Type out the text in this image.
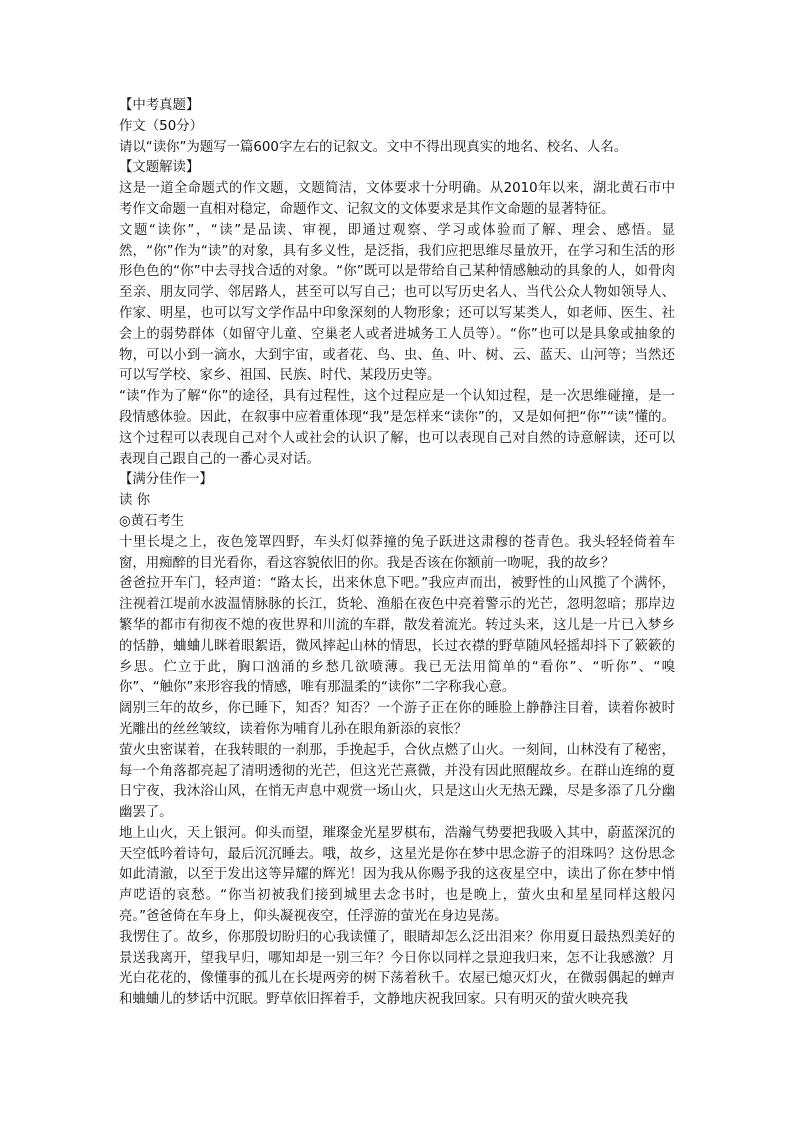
【中考真题】

作文（50分）

请以“读你”为题写一篇600字左右的记叙文。文中不得出现真实的地名、校名、人名。

【文题解读】

这是一道全命题式的作文题，文题简洁，文体要求十分明确。从2010年以来，湖北黄石市中考作文命题一直相对稳定，命题作文、记叙文的文体要求是其作文命题的显著特征。

文题“读你”，“读”是品读、审视，即通过观察、学习或体验而了解、理会、感悟。显然，“你”作为“读”的对象，具有多义性，是泛指，我们应把思维尽量放开，在学习和生活的形形色色的“你”中去寻找合适的对象。“你”既可以是带给自己某种情感触动的具象的人，如骨肉至亲、朋友同学、邻居路人，甚至可以写自己；也可以写历史名人、当代公众人物如领导人、作家、明星，也可以写文学作品中印象深刻的人物形象；还可以写某类人，如老师、医生、社会上的弱势群体（如留守儿童、空巢老人或者进城务工人员等）。“你”也可以是具象或抽象的物，可以小到一滴水，大到宇宙，或者花、鸟、虫、鱼、叶、树、云、蓝天、山河等；当然还可以写学校、家乡、祖国、民族、时代、某段历史等。

“读”作为了解“你”的途径，具有过程性，这个过程应是一个认知过程，是一次思维碰撞，是一段情感体验。因此，在叙事中应着重体现“我”是怎样来“读你”的，又是如何把“你”“读”懂的。这个过程可以表现自己对个人或社会的认识了解，也可以表现自己对自然的诗意解读，还可以表现自己跟自己的一番心灵对话。

【满分佳作一】

读 你

◎黄石考生

十里长堤之上，夜色笼罩四野，车头灯似莽撞的兔子跃进这肃穆的苍青色。我头轻轻倚着车窗，用痴醉的目光看你，看这容貌依旧的你。我是否该在你额前一吻呢，我的故乡？

爸爸拉开车门，轻声道：“路太长，出来休息下吧。”我应声而出，被野性的山风揽了个满怀，注视着江堤前水波温情脉脉的长江，货轮、渔船在夜色中亮着警示的光芒，忽明忽暗；那岸边繁华的都市有彻夜不熄的夜世界和川流的车群，散发着流光。转过头来，这儿是一片已入梦乡的恬静，蛐蛐儿眯着眼絮语，微风摔起山林的情思，长过衣襟的野草随风轻摇却抖下了簌簌的乡思。伫立于此，胸口汹涌的乡愁几欲喷薄。我已无法用简单的“看你”、“听你”、“嗅你”、“触你”来形容我的情感，唯有那温柔的“读你”二字称我心意。

阔别三年的故乡，你已睡下，知否？知否？一个游子正在你的睡脸上静静注目着，读着你被时光雕出的丝丝皱纹，读着你为哺育儿孙在眼角新添的哀怅？

萤火虫密谋着，在我转眼的一刹那，手挽起手，合伙点燃了山火。一刻间，山林没有了秘密，每一个角落都亮起了清明透彻的光芒，但这光芒熹微，并没有因此照醒故乡。在群山连绵的夏日宁夜，我沐浴山风，在悄无声息中观赏一场山火，只是这山火无热无躁，尽是多添了几分幽幽罢了。

地上山火，天上银河。仰头而望，璀璨金光星罗棋布，浩瀚气势要把我吸入其中，蔚蓝深沉的天空低吟着诗句，最后沉沉睡去。哦，故乡，这星光是你在梦中思念游子的泪珠吗？这份思念如此清澈，以至于发出这等异耀的辉光！因为我从你赐予我的这夜星空中，读出了你在梦中悄声呓语的哀愁。“你当初被我们接到城里去念书时，也是晚上，萤火虫和星星同样这般闪亮。”爸爸倚在车身上，仰头凝视夜空，任浮游的萤光在身边晃荡。

我愣住了。故乡，你那殷切盼归的心我读懂了，眼睛却怎么泛出泪来？你用夏日最热烈美好的景送我离开，望我早归，哪知却是一别三年？今日你以同样之景迎我归来，怎不让我感激？月光白花花的，像懂事的孤儿在长堤两旁的树下荡着秋千。农屋已熄灭灯火，在微弱偶起的蝉声和蛐蛐儿的梦话中沉眠。野草依旧挥着手，文静地庆祝我回家。只有明灭的萤火映亮我
